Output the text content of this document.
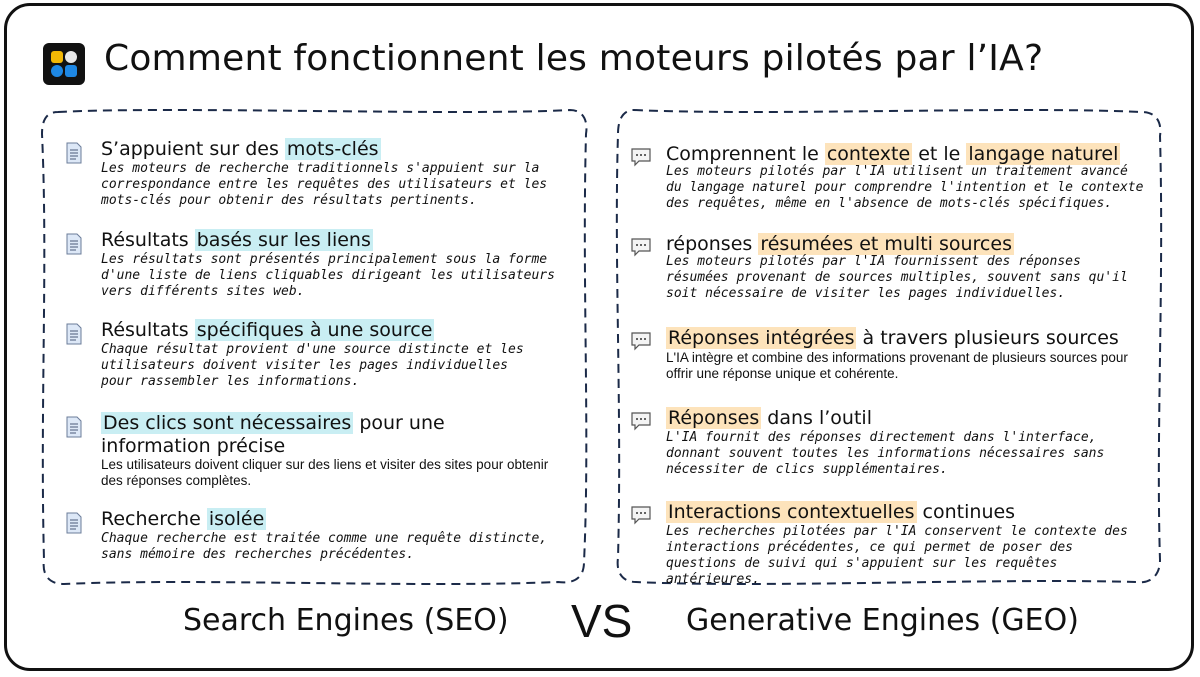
Comment fonctionnent les moteurs pilotés par l’IA?
S’appuient sur des mots-clés
Les moteurs de recherche traditionnels s'appuient sur la correspondance entre les requêtes des utilisateurs et les mots-clés pour obtenir des résultats pertinents.
Résultats basés sur les liens
Les résultats sont présentés principalement sous la forme d'une liste de liens cliquables dirigeant les utilisateurs vers différents sites web.
Résultats spécifiques à une source
Chaque résultat provient d'une source distincte et les utilisateurs doivent visiter les pages individuelles pour rassembler les informations.
Des clics sont nécessaires pour une information précise
Les utilisateurs doivent cliquer sur des liens et visiter des sites pour obtenir des réponses complètes.
Recherche isolée
Chaque recherche est traitée comme une requête distincte, sans mémoire des recherches précédentes.
Comprennent le contexte et le langage naturel
Les moteurs pilotés par l'IA utilisent un traitement avancé du langage naturel pour comprendre l'intention et le contexte des requêtes, même en l'absence de mots-clés spécifiques.
réponses résumées et multi sources
Les moteurs pilotés par l'IA fournissent des réponses résumées provenant de sources multiples, souvent sans qu'il soit nécessaire de visiter les pages individuelles.
Réponses intégrées à travers plusieurs sources
L'IA intègre et combine des informations provenant de plusieurs sources pour offrir une réponse unique et cohérente.
Réponses dans l’outil
L'IA fournit des réponses directement dans l'interface, donnant souvent toutes les informations nécessaires sans nécessiter de clics supplémentaires.
Interactions contextuelles continues
Les recherches pilotées par l'IA conservent le contexte des interactions précédentes, ce qui permet de poser des questions de suivi qui s'appuient sur les requêtes antérieures.
Search Engines (SEO) VS Generative Engines (GEO)
